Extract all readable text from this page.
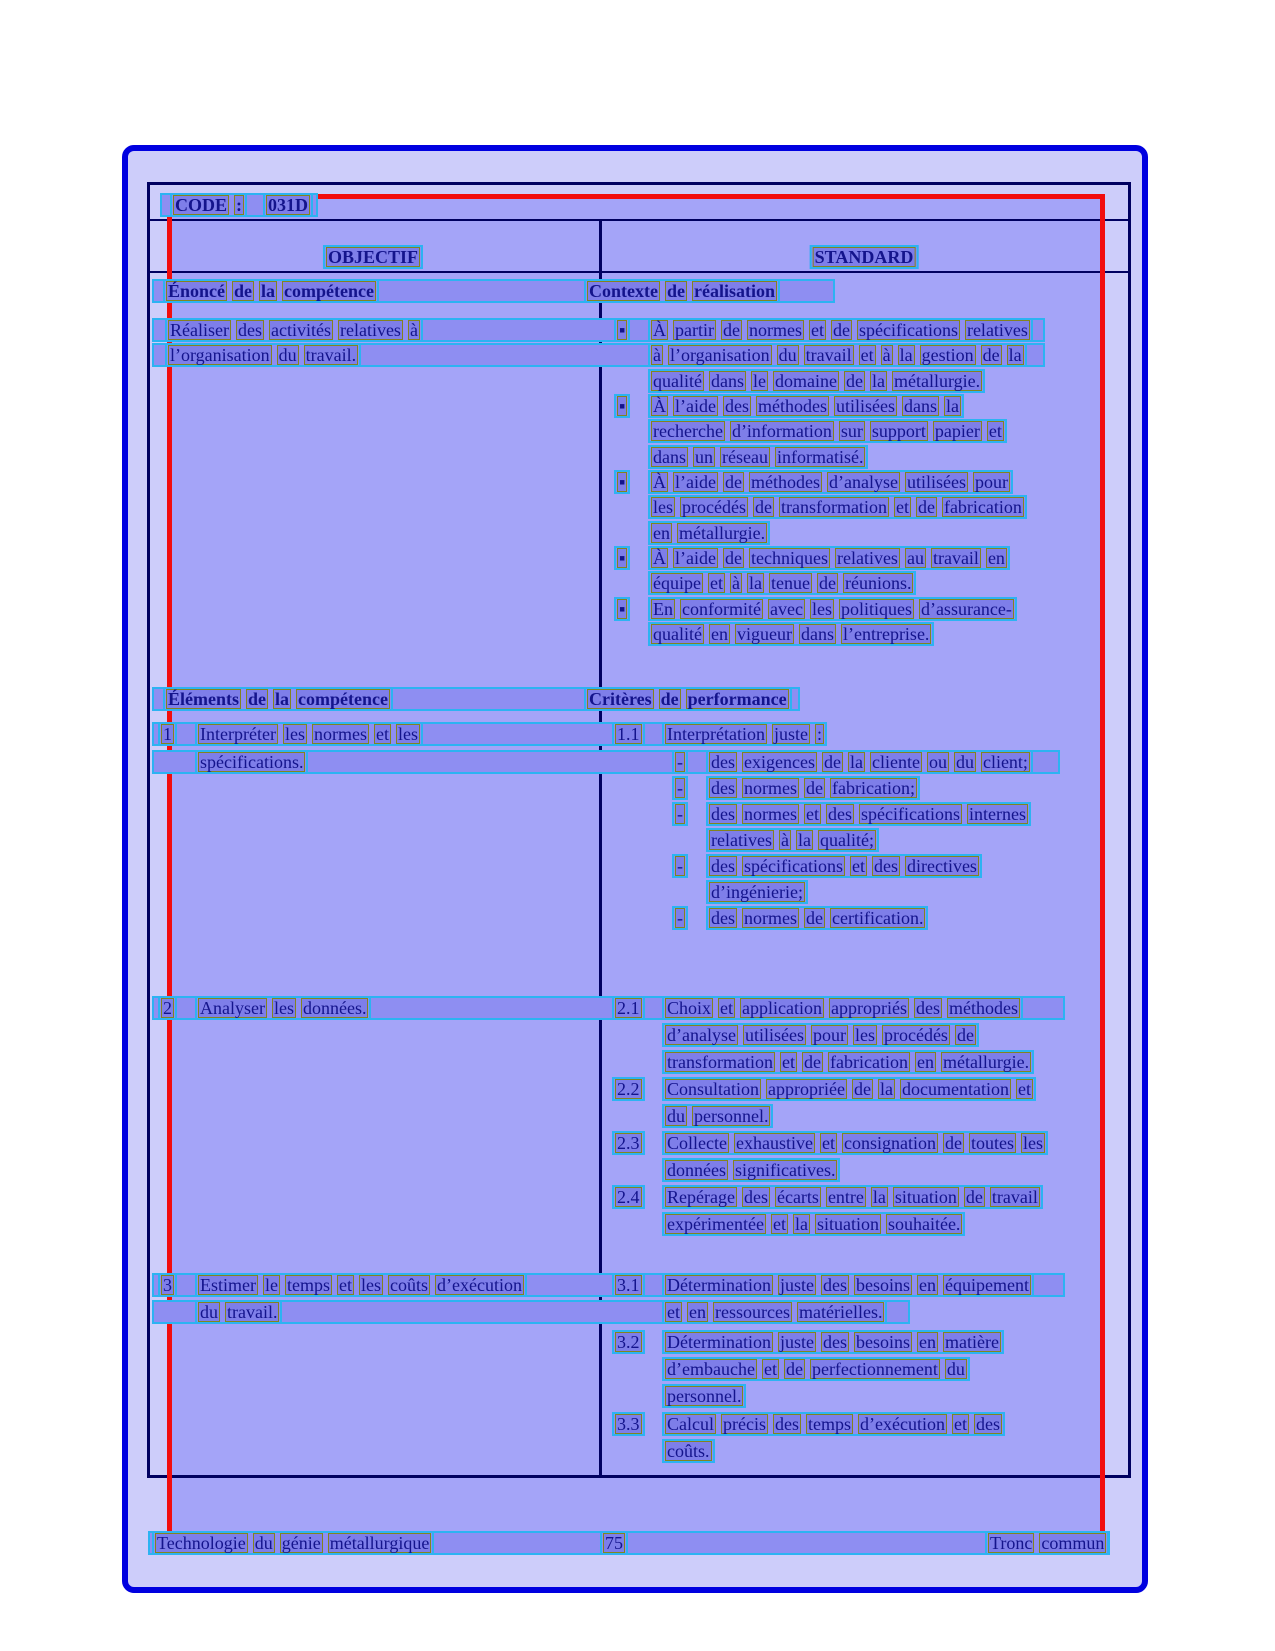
CODE : 031D
OBJECTIF	STANDARD
Énoncé de la compétence	Contexte de réalisation
Réaliser des activités relatives à	▪ À partir de normes et de spécifications relatives
l’organisation du travail.	à l’organisation du travail et à la gestion de la
qualité dans le domaine de la métallurgie.
▪ À l’aide des méthodes utilisées dans la
recherche d’information sur support papier et
dans un réseau informatisé.
▪ À l’aide de méthodes d’analyse utilisées pour
les procédés de transformation et de fabrication
en métallurgie.
▪ À l’aide de techniques relatives au travail en
équipe et à la tenue de réunions.
▪ En conformité avec les politiques d’assurance-
qualité en vigueur dans l’entreprise.
Éléments de la compétence	Critères de performance
1 Interpréter les normes et les	1.1 Interprétation juste :
spécifications.	- des exigences de la cliente ou du client;
- des normes de fabrication;
- des normes et des spécifications internes
relatives à la qualité;
- des spécifications et des directives
d’ingénierie;
- des normes de certification.
2 Analyser les données.	2.1 Choix et application appropriés des méthodes
d’analyse utilisées pour les procédés de
transformation et de fabrication en métallurgie.
2.2 Consultation appropriée de la documentation et
du personnel.
2.3 Collecte exhaustive et consignation de toutes les
données significatives.
2.4 Repérage des écarts entre la situation de travail
expérimentée et la situation souhaitée.
3 Estimer le temps et les coûts d’exécution	3.1 Détermination juste des besoins en équipement
du travail.	et en ressources matérielles.
3.2 Détermination juste des besoins en matière
d’embauche et de perfectionnement du
personnel.
3.3 Calcul précis des temps d’exécution et des
coûts.
Technologie du génie métallurgique	75	Tronc commun
